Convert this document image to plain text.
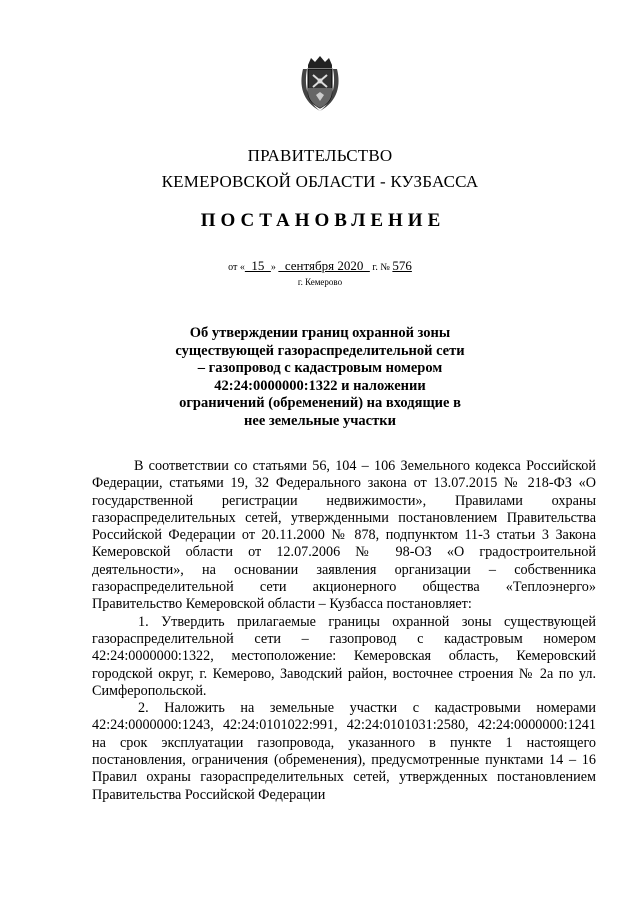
ПРАВИТЕЛЬСТВО
КЕМЕРОВСКОЙ ОБЛАСТИ - КУЗБАССА
ПОСТАНОВЛЕНИЕ
от «  15  »   сентября 2020   г. № 576
г. Кемерово
Об утверждении границ охранной зоны существующей газораспределительной сети – газопровод с кадастровым номером 42:24:0000000:1322 и наложении ограничений (обременений) на входящие в нее земельные участки

В соответствии со статьями 56, 104 – 106 Земельного кодекса Российской Федерации, статьями 19, 32 Федерального закона от 13.07.2015 № 218-ФЗ «О государственной регистрации недвижимости», Правилами охраны газораспределительных сетей, утвержденными постановлением Правительства Российской Федерации от 20.11.2000 № 878, подпунктом 11-3 статьи 3 Закона Кемеровской области от 12.07.2006 № 98-ОЗ «О градостроительной деятельности», на основании заявления организации – собственника газораспределительной сети акционерного общества «Теплоэнерго» Правительство Кемеровской области – Кузбасса постановляет:

1. Утвердить прилагаемые границы охранной зоны существующей газораспределительной сети – газопровод с кадастровым номером 42:24:0000000:1322, местоположение: Кемеровская область, Кемеровский городской округ, г. Кемерово, Заводский район, восточнее строения № 2а по ул. Симферопольской.

2. Наложить на земельные участки с кадастровыми номерами 42:24:0000000:1243, 42:24:0101022:991, 42:24:0101031:2580, 42:24:0000000:1241 на срок эксплуатации газопровода, указанного в пункте 1 настоящего постановления, ограничения (обременения), предусмотренные пунктами 14 – 16 Правил охраны газораспределительных сетей, утвержденных постановлением Правительства Российской Федерации
